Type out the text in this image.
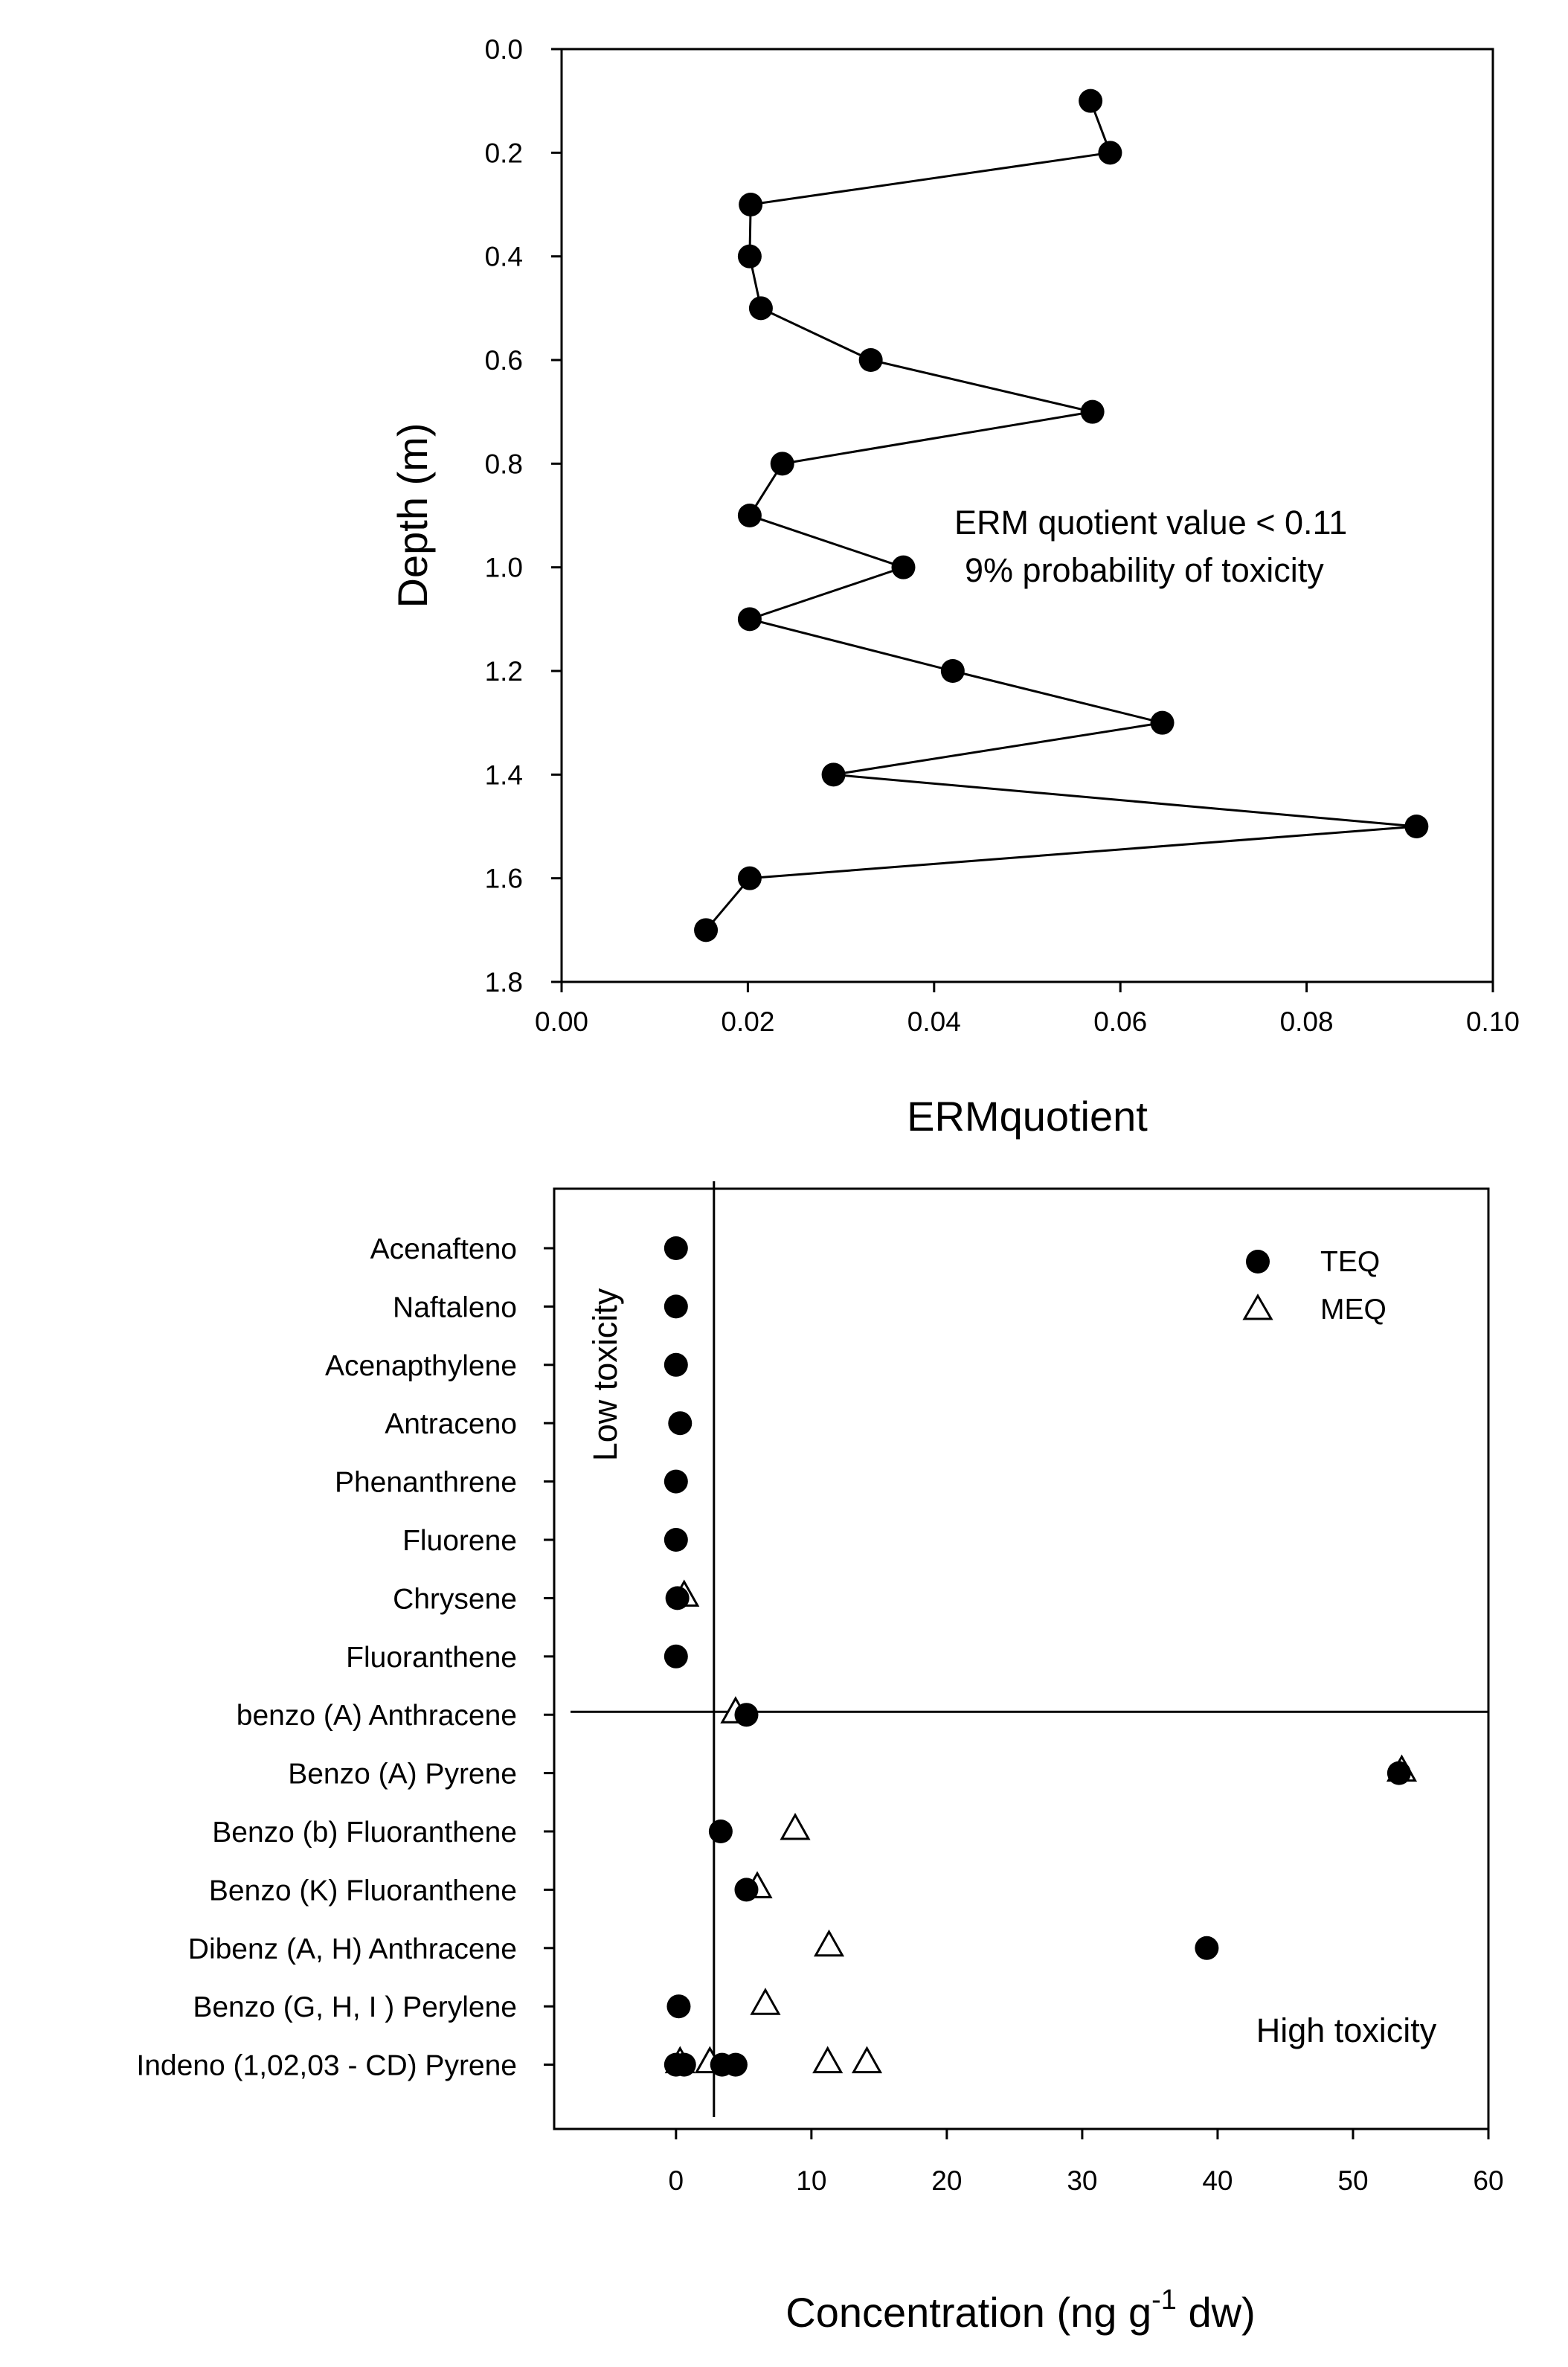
0.00	0.02	0.04	0.06	0.08	0.10
0.0
0.2
0.4
0.6
0.8
1.0
1.2
1.4
1.6
1.8
ERM quotient value < 0.11
9% probability of toxicity
ERMquotient
Depth (m)
Acenafteno
Naftaleno
Acenapthylene
Antraceno
Phenanthrene
Fluorene
Chrysene
Fluoranthene
benzo (A) Anthracene
Benzo (A) Pyrene
Benzo (b) Fluoranthene
Benzo (K) Fluoranthene
Dibenz (A, H) Anthracene
Benzo (G, H, I ) Perylene
Indeno (1,02,03 - CD) Pyrene
0	10	20	30	40	50	60
TEQ
MEQ
Low toxicity
High toxicity
Concentration (ng $g^{-1}$ dw)
